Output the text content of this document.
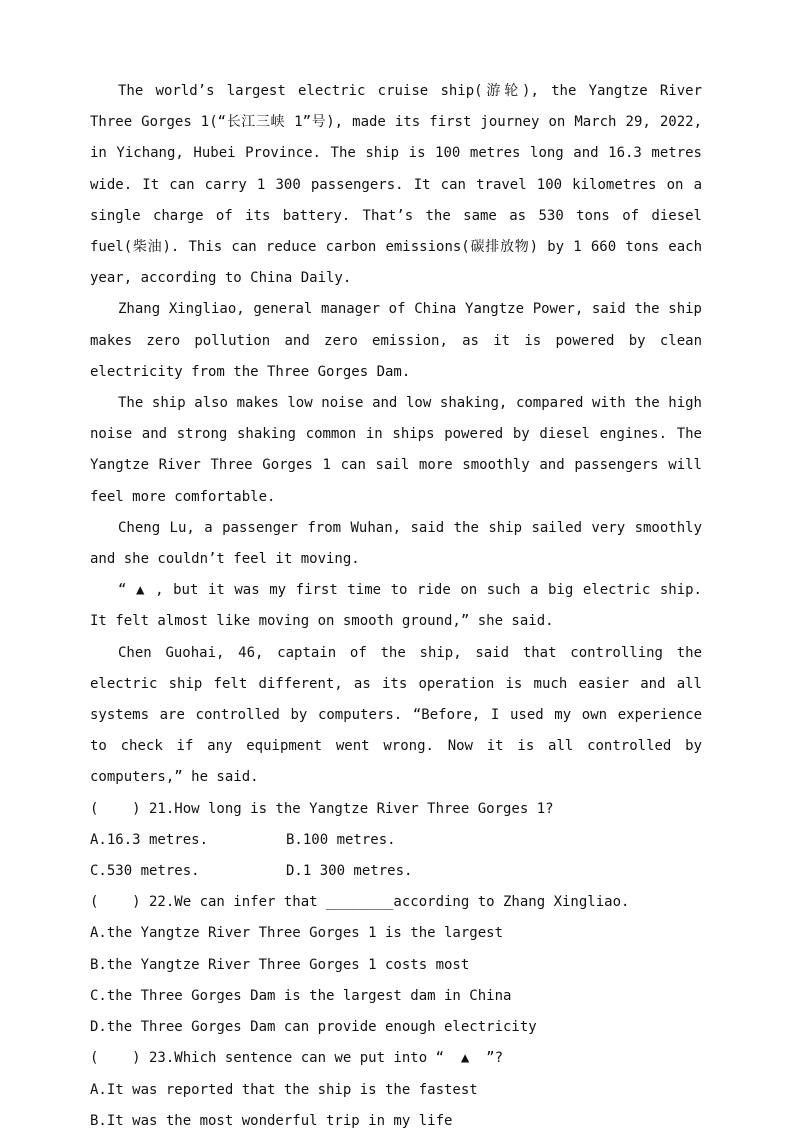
The world’s largest electric cruise ship(游轮), the Yangtze River Three Gorges 1(“长江三峡 1”号), made its first journey on March 29, 2022, in Yichang, Hubei Province. The ship is 100 metres long and 16.3 metres wide. It can carry 1 300 passengers. It can travel 100 kilometres on a single charge of its battery. That’s the same as 530 tons of diesel fuel(柴油). This can reduce carbon emissions(碳排放物) by 1 660 tons each year, according to China Daily.

Zhang Xingliao, general manager of China Yangtze Power, said the ship makes zero pollution and zero emission, as it is powered by clean electricity from the Three Gorges Dam.

The ship also makes low noise and low shaking, compared with the high noise and strong shaking common in ships powered by diesel engines. The Yangtze River Three Gorges 1 can sail more smoothly and passengers will feel more comfortable.

Cheng Lu, a passenger from Wuhan, said the ship sailed very smoothly and she couldn’t feel it moving.

“ ▲ , but it was my first time to ride on such a big electric ship. It felt almost like moving on smooth ground,” she said.

Chen Guohai, 46, captain of the ship, said that controlling the electric ship felt different, as its operation is much easier and all systems are controlled by computers. “Before, I used my own experience to check if any equipment went wrong. Now it is all controlled by computers,” he said.

(    ) 21.How long is the Yangtze River Three Gorges 1?

A.16.3 metres.	B.100 metres.
C.530 metres.	D.1 300 metres.

(    ) 22.We can infer that ________according to Zhang Xingliao.

A.the Yangtze River Three Gorges 1 is the largest

B.the Yangtze River Three Gorges 1 costs most

C.the Three Gorges Dam is the largest dam in China

D.the Three Gorges Dam can provide enough electricity

(    ) 23.Which sentence can we put into “  ▲  ”?

A.It was reported that the ship is the fastest

B.It was the most wonderful trip in my life
